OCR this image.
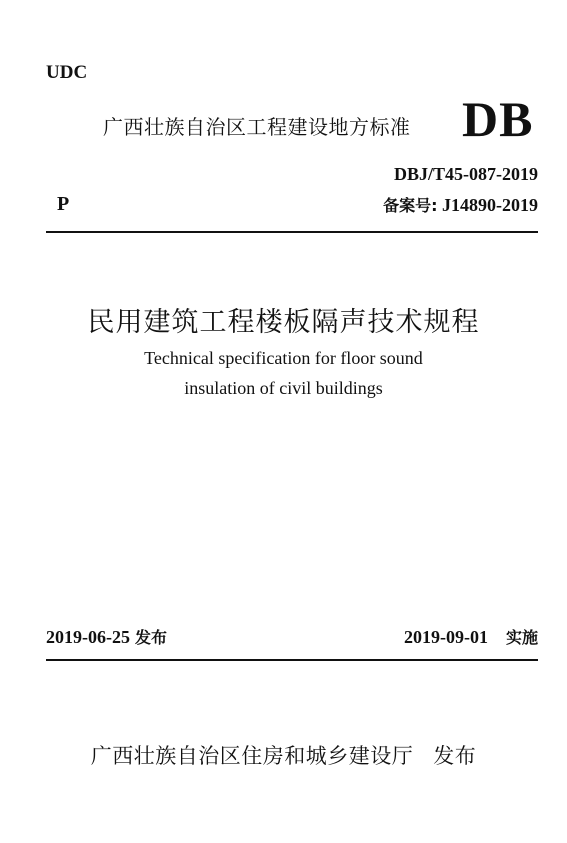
UDC
广西壮族自治区工程建设地方标准 DB
DBJ/T45-087-2019
P	备案号: J14890-2019
民用建筑工程楼板隔声技术规程
Technical specification for floor sound
insulation of civil buildings
2019-06-25 发布	2019-09-01 实施
广西壮族自治区住房和城乡建设厅 发布
